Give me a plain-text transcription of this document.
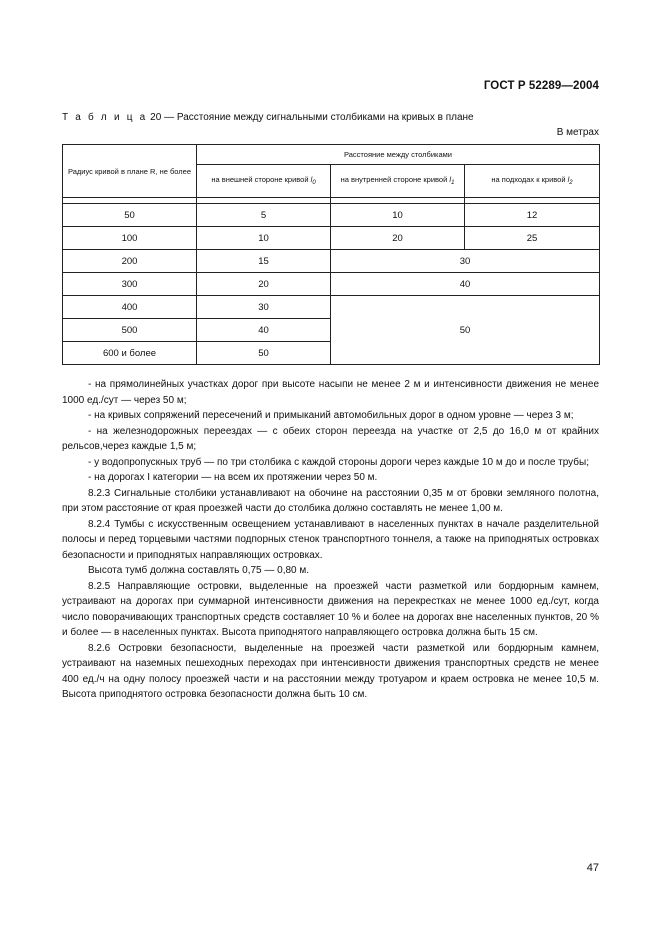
ГОСТ Р 52289—2004
Т а б л и ц а 20 — Расстояние между сигнальными столбиками на кривых в плане
В метрах
Радиус кривой в плане R, не более	Расстояние между столбиками		
	на внешней стороне кривой $l_0$	на внутренней стороне кривой $l_1$	на подходах к кривой $l_2$

50	5	10	12
100	10	20	25
200	15	30	
300	20	40	
400	30	50	
500	40		
600 и более	50		

- на прямолинейных участках дорог при высоте насыпи не менее 2 м и интенсивности движения не менее 1000 ед./сут — через 50 м;

- на кривых сопряжений пересечений и примыканий автомобильных дорог в одном уровне — через 3 м;

- на железнодорожных переездах — с обеих сторон переезда на участке от 2,5 до 16,0 м от крайних рельсов,через каждые 1,5 м;

- у водопропускных труб — по три столбика с каждой стороны дороги через каждые 10 м до и после трубы;

- на дорогах I категории — на всем их протяжении через 50 м.

8.2.3 Сигнальные столбики устанавливают на обочине на расстоянии 0,35 м от бровки земляного полотна, при этом расстояние от края проезжей части до столбика должно составлять не менее 1,00 м.

8.2.4 Тумбы с искусственным освещением устанавливают в населенных пунктах в начале разделительной полосы и перед торцевыми частями подпорных стенок транспортного тоннеля, а также на приподнятых островках безопасности и приподнятых направляющих островках.

Высота тумб должна составлять 0,75 — 0,80 м.

8.2.5 Направляющие островки, выделенные на проезжей части разметкой или бордюрным камнем, устраивают на дорогах при суммарной интенсивности движения на перекрестках не менее 1000 ед./сут, когда число поворачивающих транспортных средств составляет 10 % и более на дорогах вне населенных пунктов, 20 % и более — в населенных пунктах. Высота приподнятого направляющего островка должна быть 15 см.

8.2.6 Островки безопасности, выделенные на проезжей части разметкой или бордюрным камнем, устраивают на наземных пешеходных переходах при интенсивности движения транспортных средств не менее 400 ед./ч на одну полосу проезжей части и на расстоянии между тротуаром и краем островка не менее 10,5 м. Высота приподнятого островка безопасности должна быть 10 см.

47
